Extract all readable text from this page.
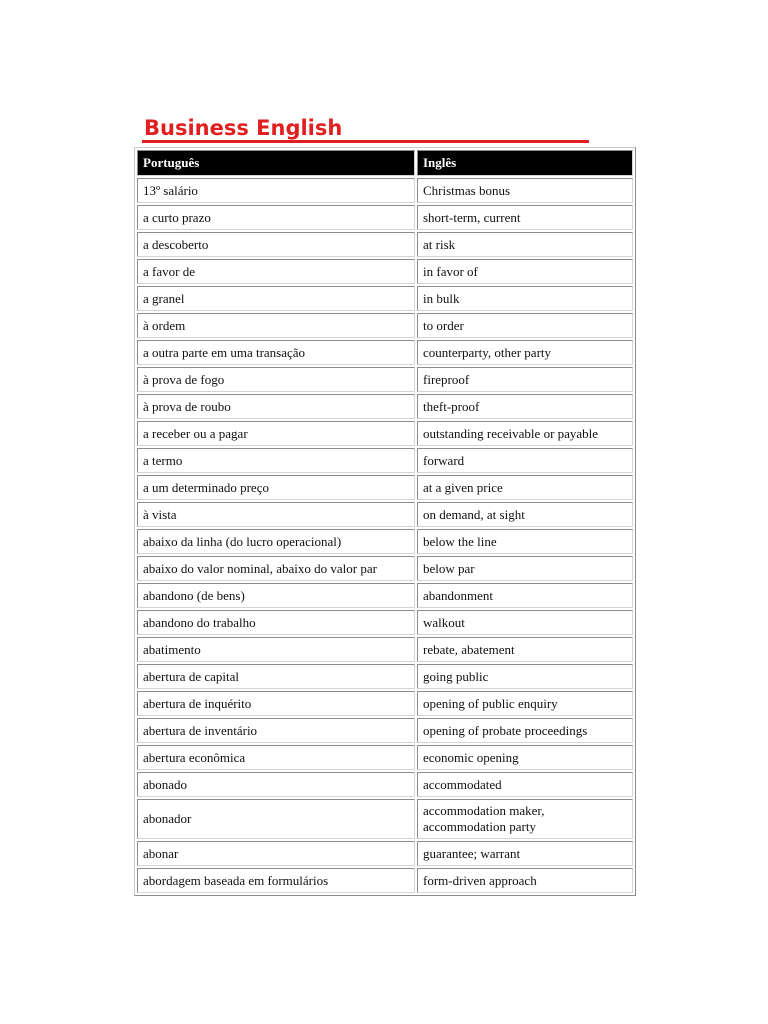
Business English
Português	Inglês
13º salário	Christmas bonus
a curto prazo	short-term, current
a descoberto	at risk
a favor de	in favor of
a granel	in bulk
à ordem	to order
a outra parte em uma transação	counterparty, other party
à prova de fogo	fireproof
à prova de roubo	theft-proof
a receber ou a pagar	outstanding receivable or payable
a termo	forward
a um determinado preço	at a given price
à vista	on demand, at sight
abaixo da linha (do lucro operacional)	below the line
abaixo do valor nominal, abaixo do valor par	below par
abandono (de bens)	abandonment
abandono do trabalho	walkout
abatimento	rebate, abatement
abertura de capital	going public
abertura de inquérito	opening of public enquiry
abertura de inventário	opening of probate proceedings
abertura econômica	economic opening
abonado	accommodated
abonador	accommodation maker, accommodation party
abonar	guarantee; warrant
abordagem baseada em formulários	form-driven approach
